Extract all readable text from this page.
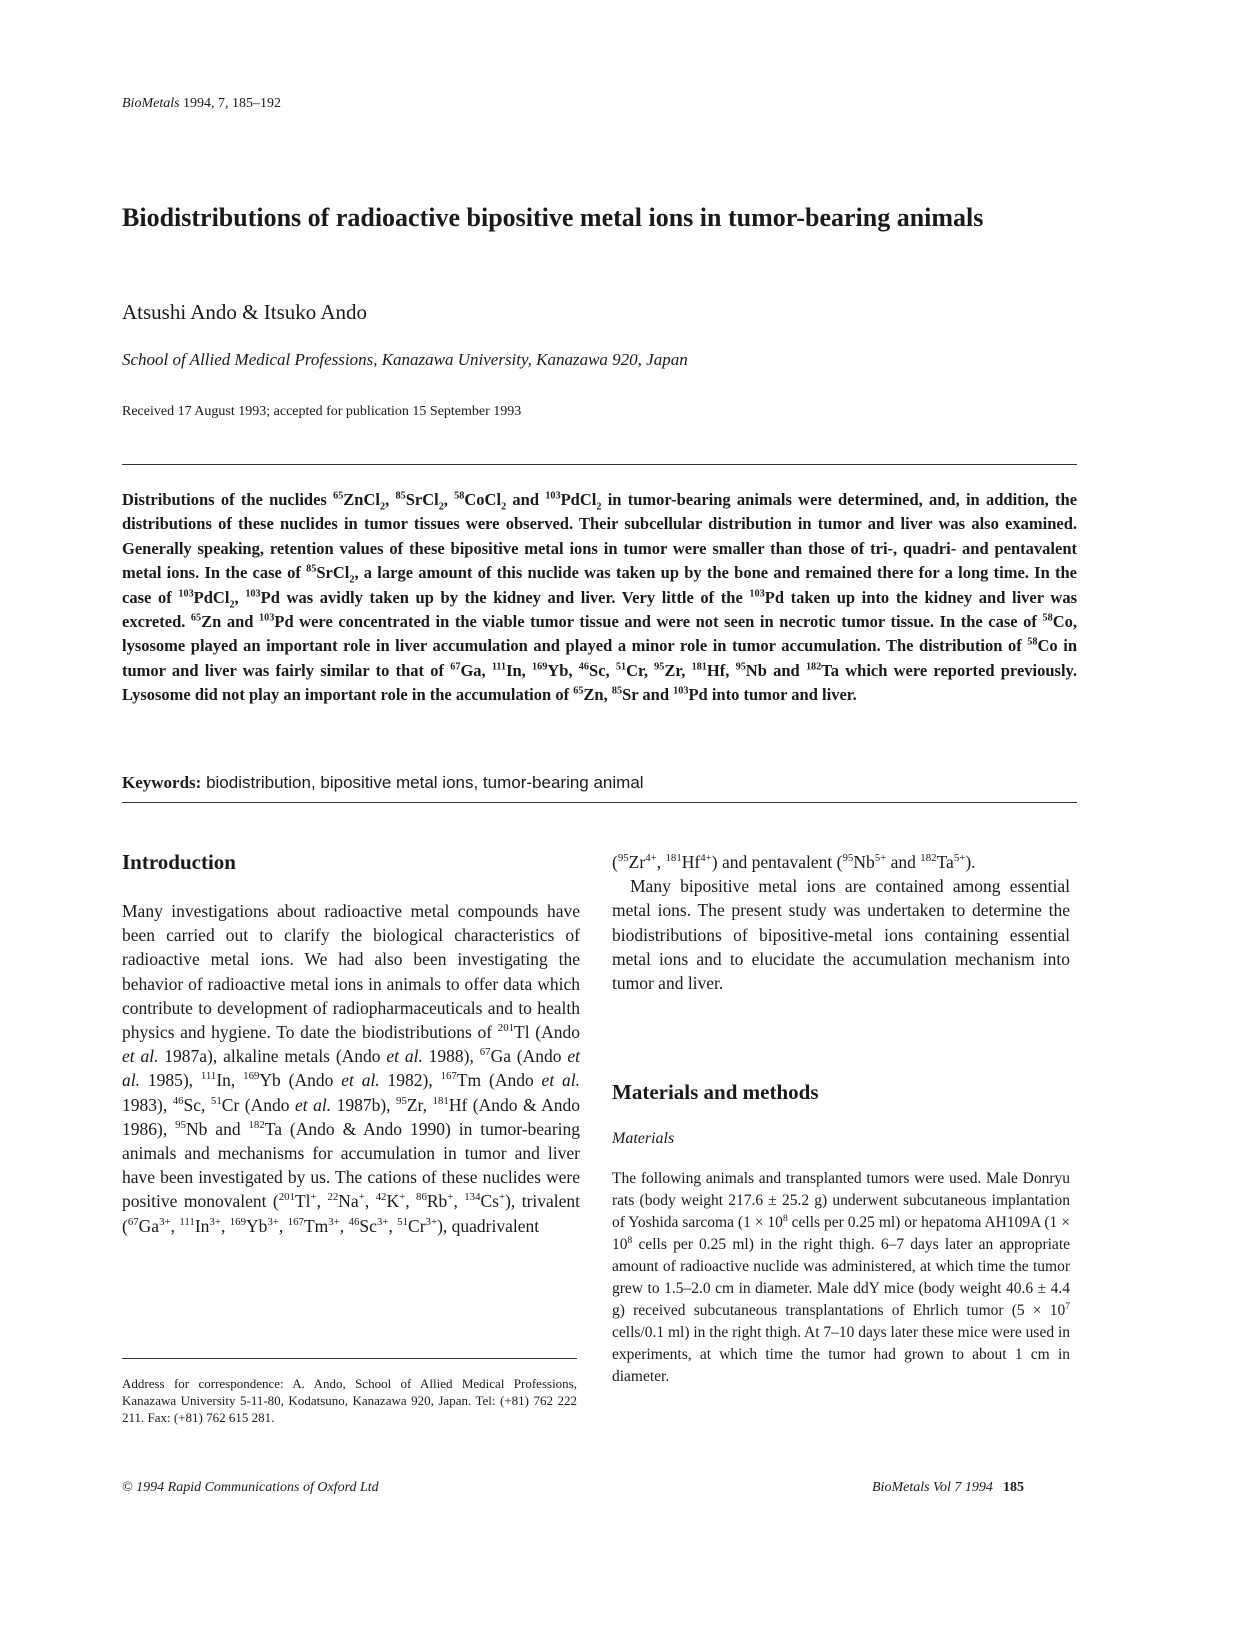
BioMetals 1994, 7, 185–192
Biodistributions of radioactive bipositive metal ions in tumor-bearing animals
Atsushi Ando & Itsuko Ando
School of Allied Medical Professions, Kanazawa University, Kanazawa 920, Japan
Received 17 August 1993; accepted for publication 15 September 1993
Distributions of the nuclides $^{65}$ZnCl$_2$, $^{85}$SrCl$_2$, $^{58}$CoCl$_2$ and $^{103}$PdCl$_2$ in tumor-bearing animals were determined, and, in addition, the distributions of these nuclides in tumor tissues were observed. Their subcellular distribution in tumor and liver was also examined. Generally speaking, retention values of these bipositive metal ions in tumor were smaller than those of tri-, quadri- and pentavalent metal ions. In the case of $^{85}$SrCl$_2$, a large amount of this nuclide was taken up by the bone and remained there for a long time. In the case of $^{103}$PdCl$_2$, $^{103}$Pd was avidly taken up by the kidney and liver. Very little of the $^{103}$Pd taken up into the kidney and liver was excreted. $^{65}$Zn and $^{103}$Pd were concentrated in the viable tumor tissue and were not seen in necrotic tumor tissue. In the case of $^{58}$Co, lysosome played an important role in liver accumulation and played a minor role in tumor accumulation. The distribution of $^{58}$Co in tumor and liver was fairly similar to that of $^{67}$Ga, $^{111}$In, $^{169}$Yb, $^{46}$Sc, $^{51}$Cr, $^{95}$Zr, $^{181}$Hf, $^{95}$Nb and $^{182}$Ta which were reported previously. Lysosome did not play an important role in the accumulation of $^{65}$Zn, $^{85}$Sr and $^{103}$Pd into tumor and liver.
Keywords: biodistribution, bipositive metal ions, tumor-bearing animal
Introduction

Many investigations about radioactive metal compounds have been carried out to clarify the biological characteristics of radioactive metal ions. We had also been investigating the behavior of radioactive metal ions in animals to offer data which contribute to development of radiopharmaceuticals and to health physics and hygiene. To date the biodistributions of $^{201}$Tl (Ando et al. 1987a), alkaline metals (Ando et al. 1988), $^{67}$Ga (Ando et al. 1985), $^{111}$In, $^{169}$Yb (Ando et al. 1982), $^{167}$Tm (Ando et al. 1983), $^{46}$Sc, $^{51}$Cr (Ando et al. 1987b), $^{95}$Zr, $^{181}$Hf (Ando & Ando 1986), $^{95}$Nb and $^{182}$Ta (Ando & Ando 1990) in tumor-bearing animals and mechanisms for accumulation in tumor and liver have been investigated by us. The cations of these nuclides were positive monovalent ($^{201}$Tl+, $^{22}$Na+, $^{42}$K+, $^{86}$Rb+, $^{134}$Cs+), trivalent ($^{67}Ga^{3+}$, $^{111}In^{3+}$, $^{169}Yb^{3+}$, $^{167}Tm^{3+}$, $^{46}Sc^{3+}$, $^{51}Cr^{3+}$), quadrivalent

($^{95}Zr^{4+}$, $^{181}Hf^{4+}$) and pentavalent ($^{95}Nb^{5+}$ and $^{182}Ta^{5+}$).

Many bipositive metal ions are contained among essential metal ions. The present study was undertaken to determine the biodistributions of bipositive-metal ions containing essential metal ions and to elucidate the accumulation mechanism into tumor and liver.

Materials and methods
Materials
The following animals and transplanted tumors were used. Male Donryu rats (body weight 217.6 ± 25.2 g) underwent subcutaneous implantation of Yoshida sarcoma ($1 \times 10^8$ cells per 0.25 ml) or hepatoma AH109A ($1 \times 10^8$ cells per 0.25 ml) in the right thigh. 6–7 days later an appropriate amount of radioactive nuclide was administered, at which time the tumor grew to 1.5–2.0 cm in diameter. Male ddY mice (body weight 40.6 ± 4.4 g) received subcutaneous transplantations of Ehrlich tumor ($5 \times 10^7$ cells/0.1 ml) in the right thigh. At 7–10 days later these mice were used in experiments, at which time the tumor had grown to about 1 cm in diameter.
Address for correspondence: A. Ando, School of Allied Medical Professions, Kanazawa University 5-11-80, Kodatsuno, Kanazawa 920, Japan. Tel: (+81) 762 222 211. Fax: (+81) 762 615 281.
© 1994 Rapid Communications of Oxford Ltd	BioMetals Vol 7 1994 185
